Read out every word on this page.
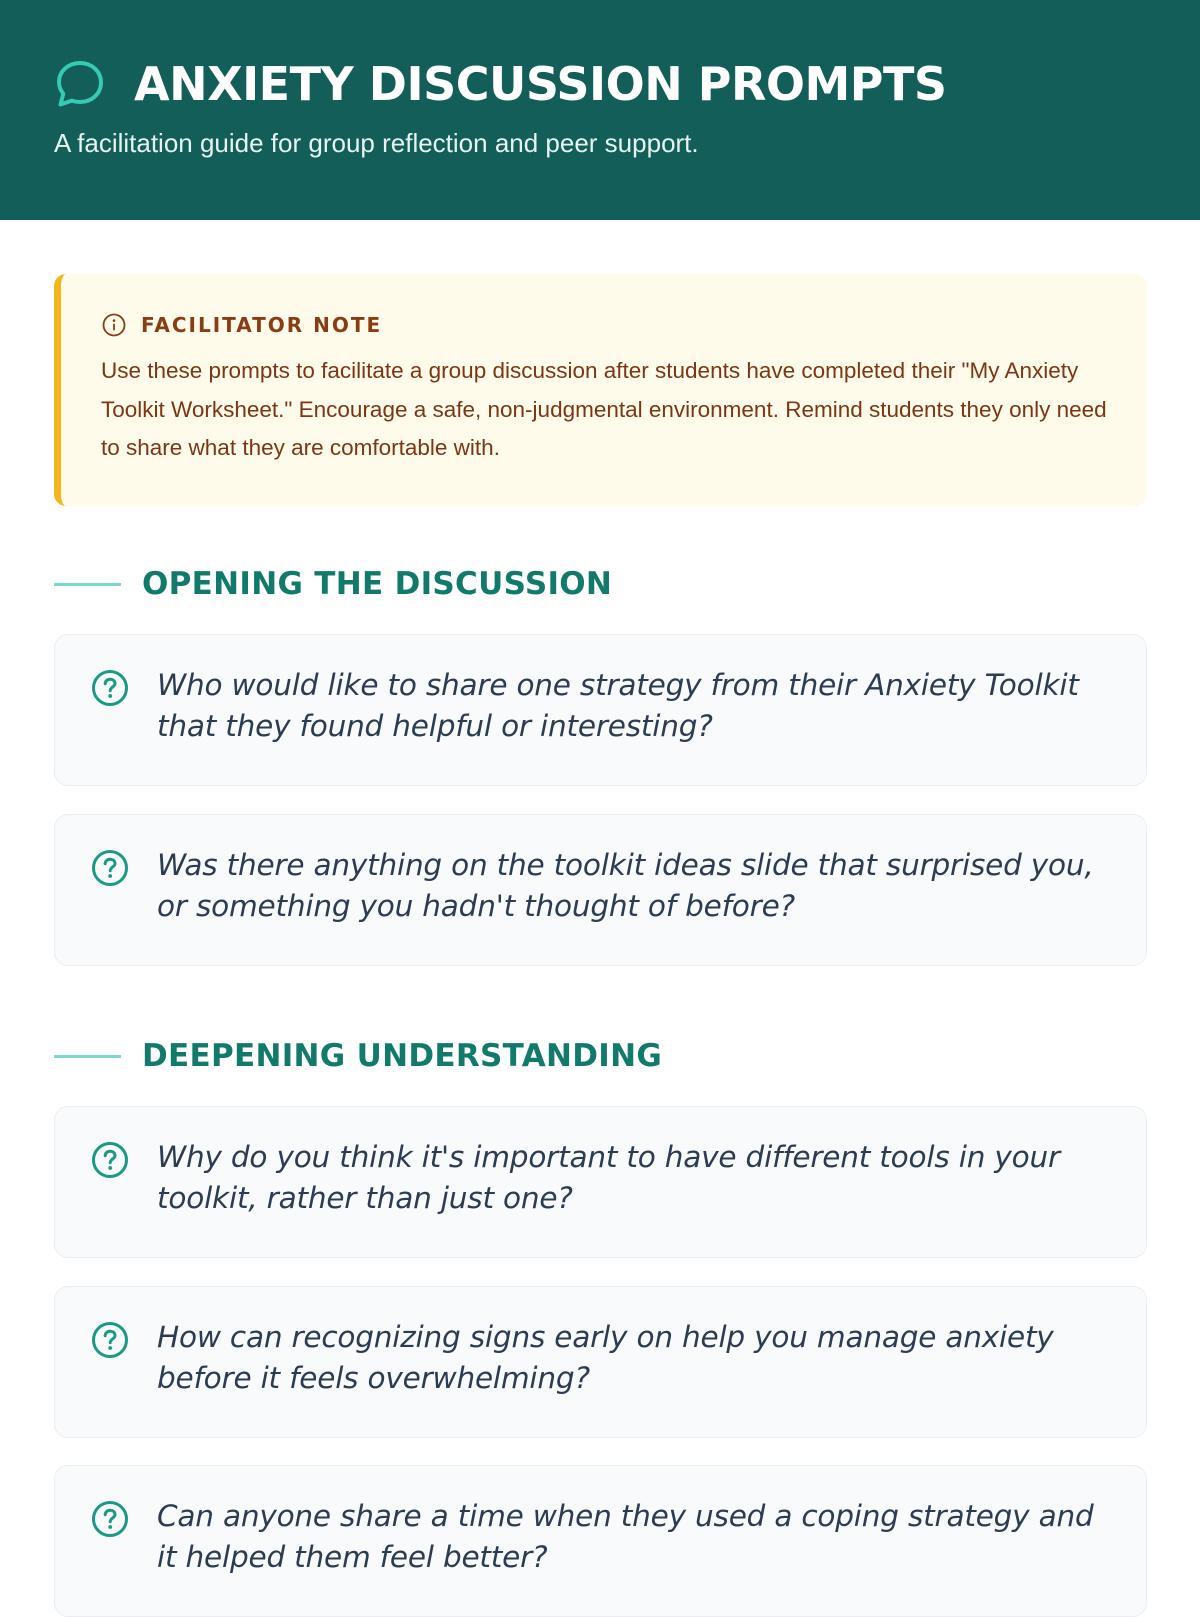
ANXIETY DISCUSSION PROMPTS

A facilitation guide for group reflection and peer support.

FACILITATOR NOTE

Use these prompts to facilitate a group discussion after students have completed their "My Anxiety Toolkit Worksheet." Encourage a safe, non-judgmental environment. Remind students they only need to share what they are comfortable with.

OPENING THE DISCUSSION

Who would like to share one strategy from their Anxiety Toolkit that they found helpful or interesting?

Was there anything on the toolkit ideas slide that surprised you, or something you hadn't thought of before?

DEEPENING UNDERSTANDING

Why do you think it's important to have different tools in your toolkit, rather than just one?

How can recognizing signs early on help you manage anxiety before it feels overwhelming?

Can anyone share a time when they used a coping strategy and it helped them feel better?
